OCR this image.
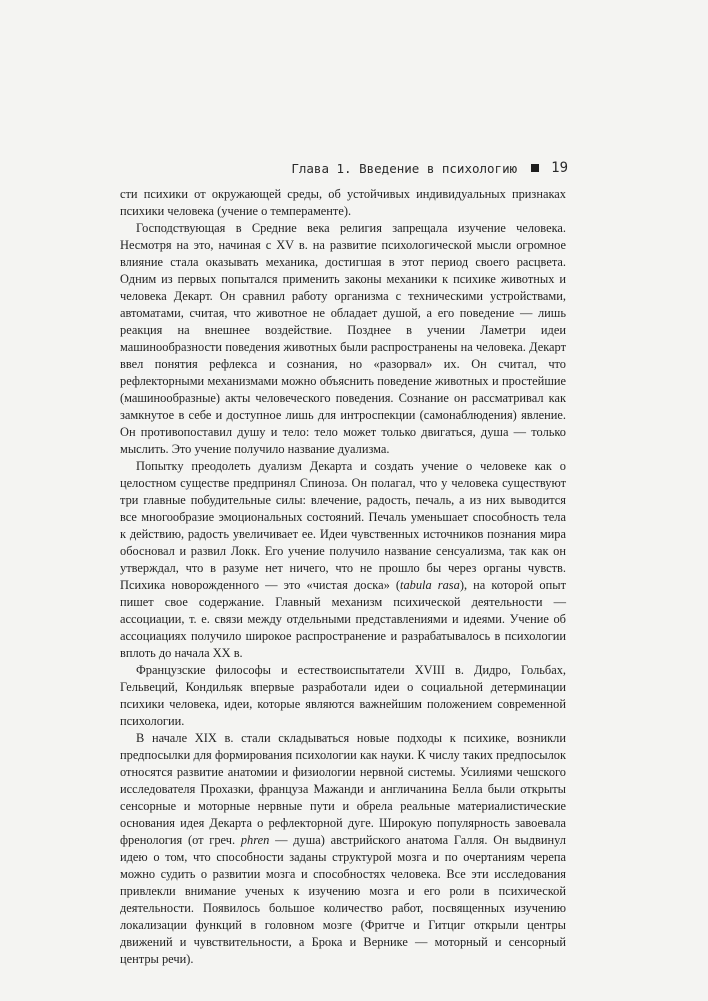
Глава 1. Введение в психологию 19

сти психики от окружающей среды, об устойчивых индивидуальных признаках психики человека (учение о темпераменте).

Господствующая в Средние века религия запрещала изучение человека. Несмотря на это, начиная с XV в. на развитие психологической мысли огромное влияние стала оказывать механика, достигшая в этот период своего расцвета. Одним из первых попытался применить законы механики к психике животных и человека Декарт. Он сравнил работу организма с техническими устройствами, автоматами, считая, что животное не обладает душой, а его поведение — лишь реакция на внешнее воздействие. Позднее в учении Ламетри идеи машинообразности поведения животных были распространены на человека. Декарт ввел понятия рефлекса и сознания, но «разорвал» их. Он считал, что рефлекторными механизмами можно объяснить поведение животных и простейшие (машинообразные) акты человеческого поведения. Сознание он рассматривал как замкнутое в себе и доступное лишь для интроспекции (самонаблюдения) явление. Он противопоставил душу и тело: тело может только двигаться, душа — только мыслить. Это учение получило название дуализма.

Попытку преодолеть дуализм Декарта и создать учение о человеке как о целостном существе предпринял Спиноза. Он полагал, что у человека существуют три главные побудительные силы: влечение, радость, печаль, а из них выводится все многообразие эмоциональных состояний. Печаль уменьшает способность тела к действию, радость увеличивает ее. Идеи чувственных источников познания мира обосновал и развил Локк. Его учение получило название сенсуализма, так как он утверждал, что в разуме нет ничего, что не прошло бы через органы чувств. Психика новорожденного — это «чистая доска» (tabula rasa), на которой опыт пишет свое содержание. Главный механизм психической деятельности — ассоциации, т. е. связи между отдельными представлениями и идеями. Учение об ассоциациях получило широкое распространение и разрабатывалось в психологии вплоть до начала XX в.

Французские философы и естествоиспытатели XVIII в. Дидро, Гольбах, Гельвеций, Кондильяк впервые разработали идеи о социальной детерминации психики человека, идеи, которые являются важнейшим положением современной психологии.

В начале XIX в. стали складываться новые подходы к психике, возникли предпосылки для формирования психологии как науки. К числу таких предпосылок относятся развитие анатомии и физиологии нервной системы. Усилиями чешского исследователя Прохазки, француза Мажанди и англичанина Белла были открыты сенсорные и моторные нервные пути и обрела реальные материалистические основания идея Декарта о рефлекторной дуге. Широкую популярность завоевала френология (от греч. phren — душа) австрийского анатома Галля. Он выдвинул идею о том, что способности заданы структурой мозга и по очертаниям черепа можно судить о развитии мозга и способностях человека. Все эти исследования привлекли внимание ученых к изучению мозга и его роли в психической деятельности. Появилось большое количество работ, посвященных изучению локализации функций в головном мозге (Фритче и Гитциг открыли центры движений и чувствительности, а Брока и Вернике — моторный и сенсорный центры речи).
